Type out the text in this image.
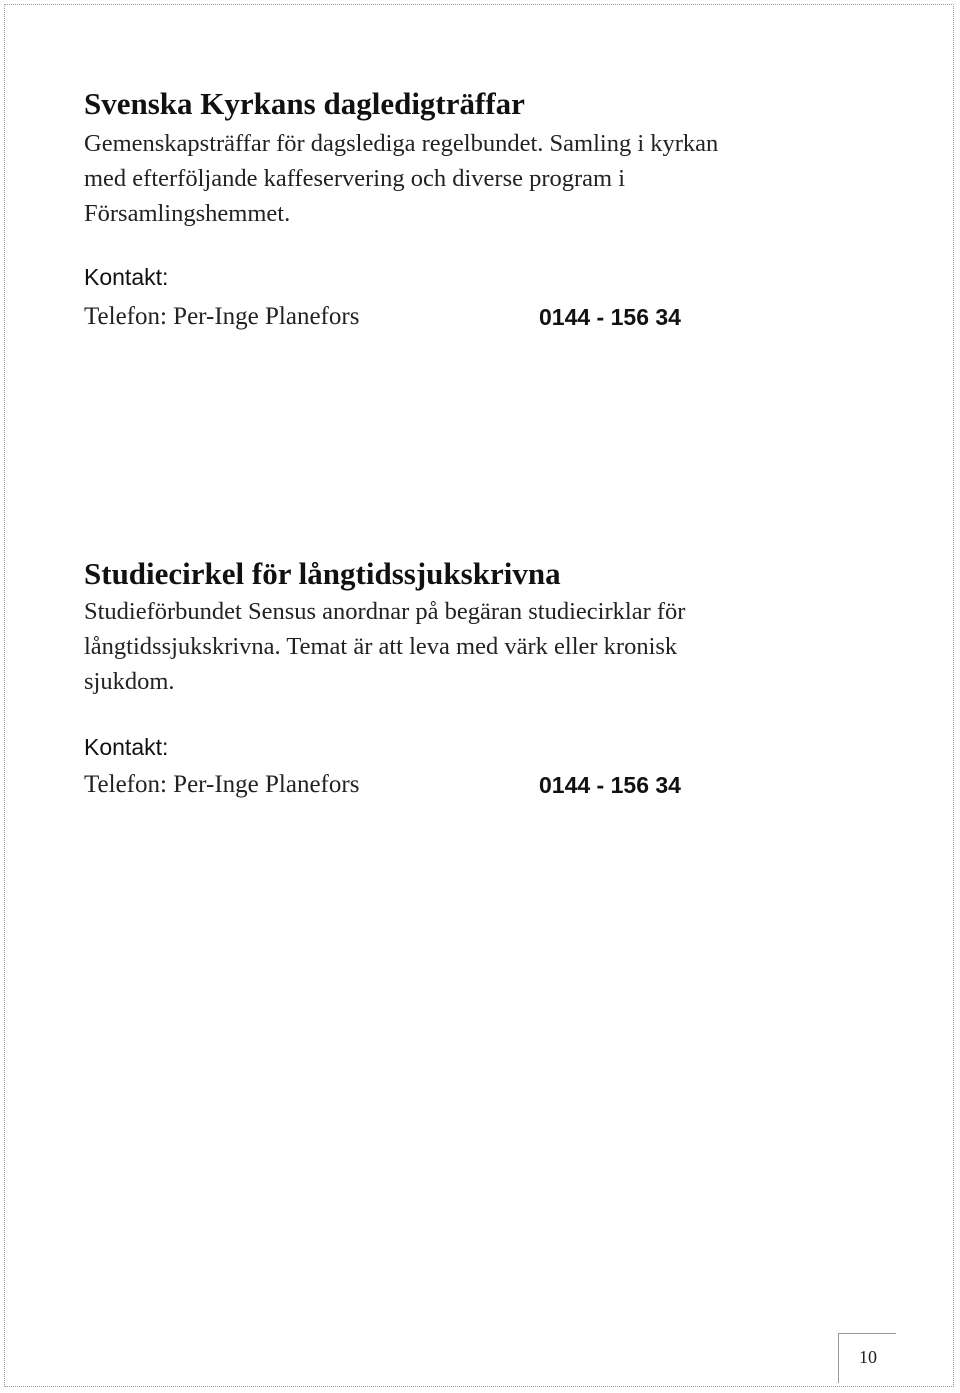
Svenska Kyrkans dagledigträffar

Gemenskapsträffar för dagslediga regelbundet. Samling i kyrkan

med efterföljande kaffeservering och diverse program i

Församlingshemmet.

Kontakt:

Telefon: Per-Inge Planefors	0144 - 156 34
Studiecirkel för långtidssjukskrivna

Studieförbundet Sensus anordnar på begäran studiecirklar för

långtidssjukskrivna. Temat är att leva med värk eller kronisk

sjukdom.

Kontakt:

Telefon: Per-Inge Planefors	0144 - 156 34
10
